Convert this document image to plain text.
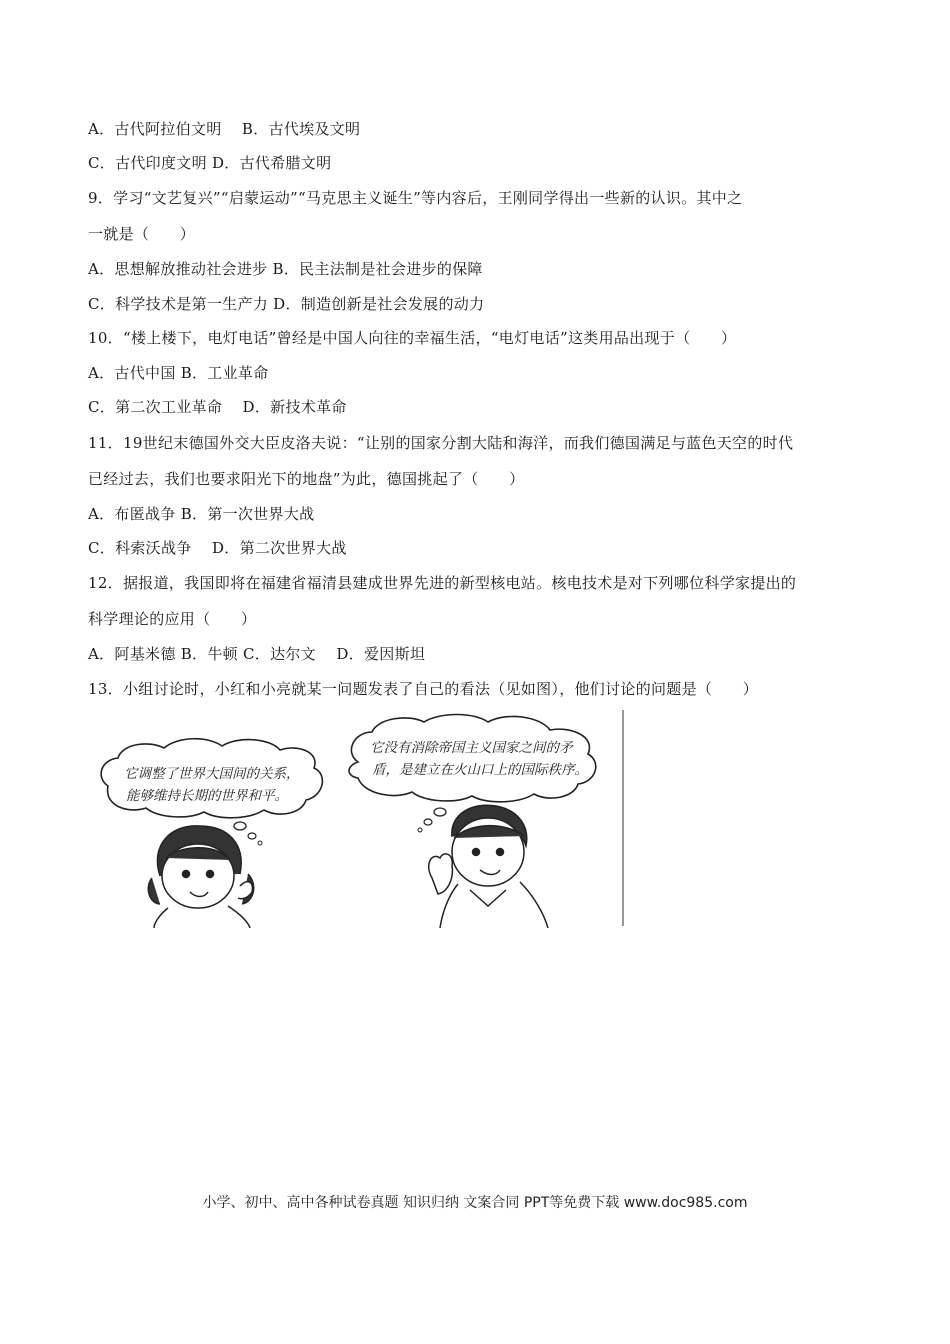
A．古代阿拉伯文明　 B．古代埃及文明
C．古代印度文明 D．古代希腊文明
9．学习“文艺复兴”“启蒙运动”“马克思主义诞生”等内容后，王刚同学得出一些新的认识。其中之
一就是（　　）
A．思想解放推动社会进步 B．民主法制是社会进步的保障
C．科学技术是第一生产力 D．制造创新是社会发展的动力
10．“楼上楼下，电灯电话”曾经是中国人向往的幸福生活，“电灯电话”这类用品出现于（　　）
A．古代中国 B．工业革命
C．第二次工业革命　 D．新技术革命
11．19世纪末德国外交大臣皮洛夫说：“让别的国家分割大陆和海洋，而我们德国满足与蓝色天空的时代
已经过去，我们也要求阳光下的地盘”为此，德国挑起了（　　）
A．布匿战争 B．第一次世界大战
C．科索沃战争　 D．第二次世界大战
12．据报道，我国即将在福建省福清县建成世界先进的新型核电站。核电技术是对下列哪位科学家提出的
科学理论的应用（　　）
A．阿基米德 B．牛顿 C．达尔文　 D．爱因斯坦
13．小组讨论时，小红和小亮就某一问题发表了自己的看法（见如图），他们讨论的问题是（　　）
它调整了世界大国间的关系，
能够维持长期的世界和平。
它没有消除帝国主义国家之间的矛
盾，是建立在火山口上的国际秩序。
小学、初中、高中各种试卷真题 知识归纳 文案合同 PPT等免费下载 www.doc985.com
